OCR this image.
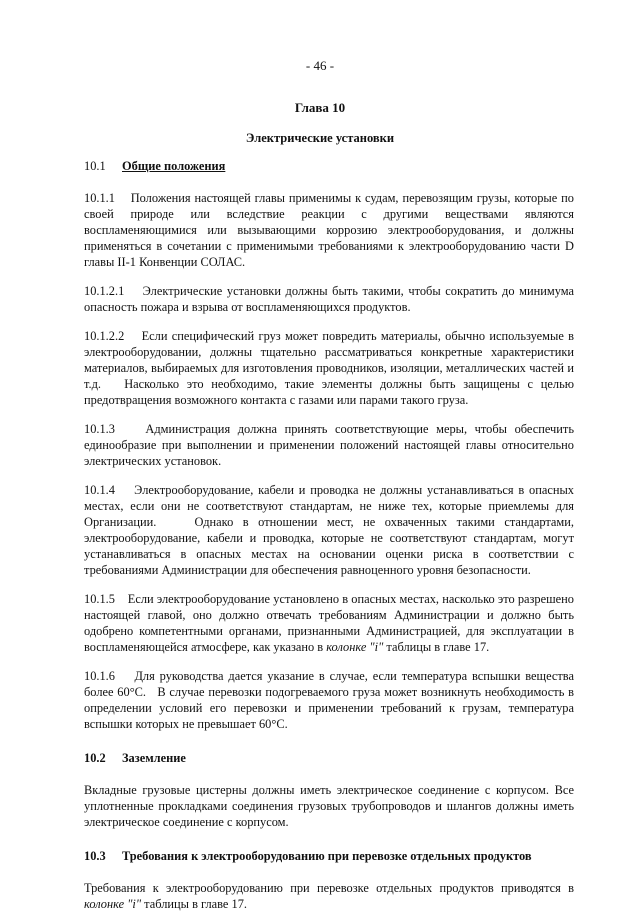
- 46 -
Глава 10
Электрические установки
10.1 Общие положения

10.1.1    Положения настоящей главы применимы к судам, перевозящим грузы, которые по своей природе или вследствие реакции с другими веществами являются воспламеняющимися или вызывающими коррозию электрооборудования, и должны применяться в сочетании с применимыми требованиями к электрооборудованию части D главы II-1 Конвенции СОЛАС.

10.1.2.1    Электрические установки должны быть такими, чтобы сократить до минимума опасность пожара и взрыва от воспламеняющихся продуктов.

10.1.2.2    Если специфический груз может повредить материалы, обычно используемые в электрооборудовании, должны тщательно рассматриваться конкретные характеристики материалов, выбираемых для изготовления проводников, изоляции, металлических частей и т.д.   Насколько это необходимо, такие элементы должны быть защищены с целью предотвращения возможного контакта с газами или парами такого груза.

10.1.3    Администрация должна принять соответствующие меры, чтобы обеспечить единообразие при выполнении и применении положений настоящей главы относительно электрических установок.

10.1.4    Электрооборудование, кабели и проводка не должны устанавливаться в опасных местах, если они не соответствуют стандартам, не ниже тех, которые приемлемы для Организации.    Однако в отношении мест, не охваченных такими стандартами, электрооборудование, кабели и проводка, которые не соответствуют стандартам, могут устанавливаться в опасных местах на основании оценки риска в соответствии с требованиями Администрации для обеспечения равноценного уровня безопасности.

10.1.5    Если электрооборудование установлено в опасных местах, насколько это разрешено настоящей главой, оно должно отвечать требованиям Администрации и должно быть одобрено компетентными органами, признанными Администрацией, для эксплуатации в воспламеняющейся атмосфере, как указано в колонке "i" таблицы в главе 17.

10.1.6    Для руководства дается указание в случае, если температура вспышки вещества более 60°С.   В случае перевозки подогреваемого груза может возникнуть необходимость в определении условий его перевозки и применении требований к грузам, температура вспышки которых не превышает 60°С.

10.2 Заземление

Вкладные грузовые цистерны должны иметь электрическое соединение с корпусом. Все уплотненные прокладками соединения грузовых трубопроводов и шлангов должны иметь электрическое соединение с корпусом.

10.3 Требования к электрооборудованию при перевозке отдельных продуктов

Требования к электрооборудованию при перевозке отдельных продуктов приводятся в колонке "i" таблицы в главе 17.
